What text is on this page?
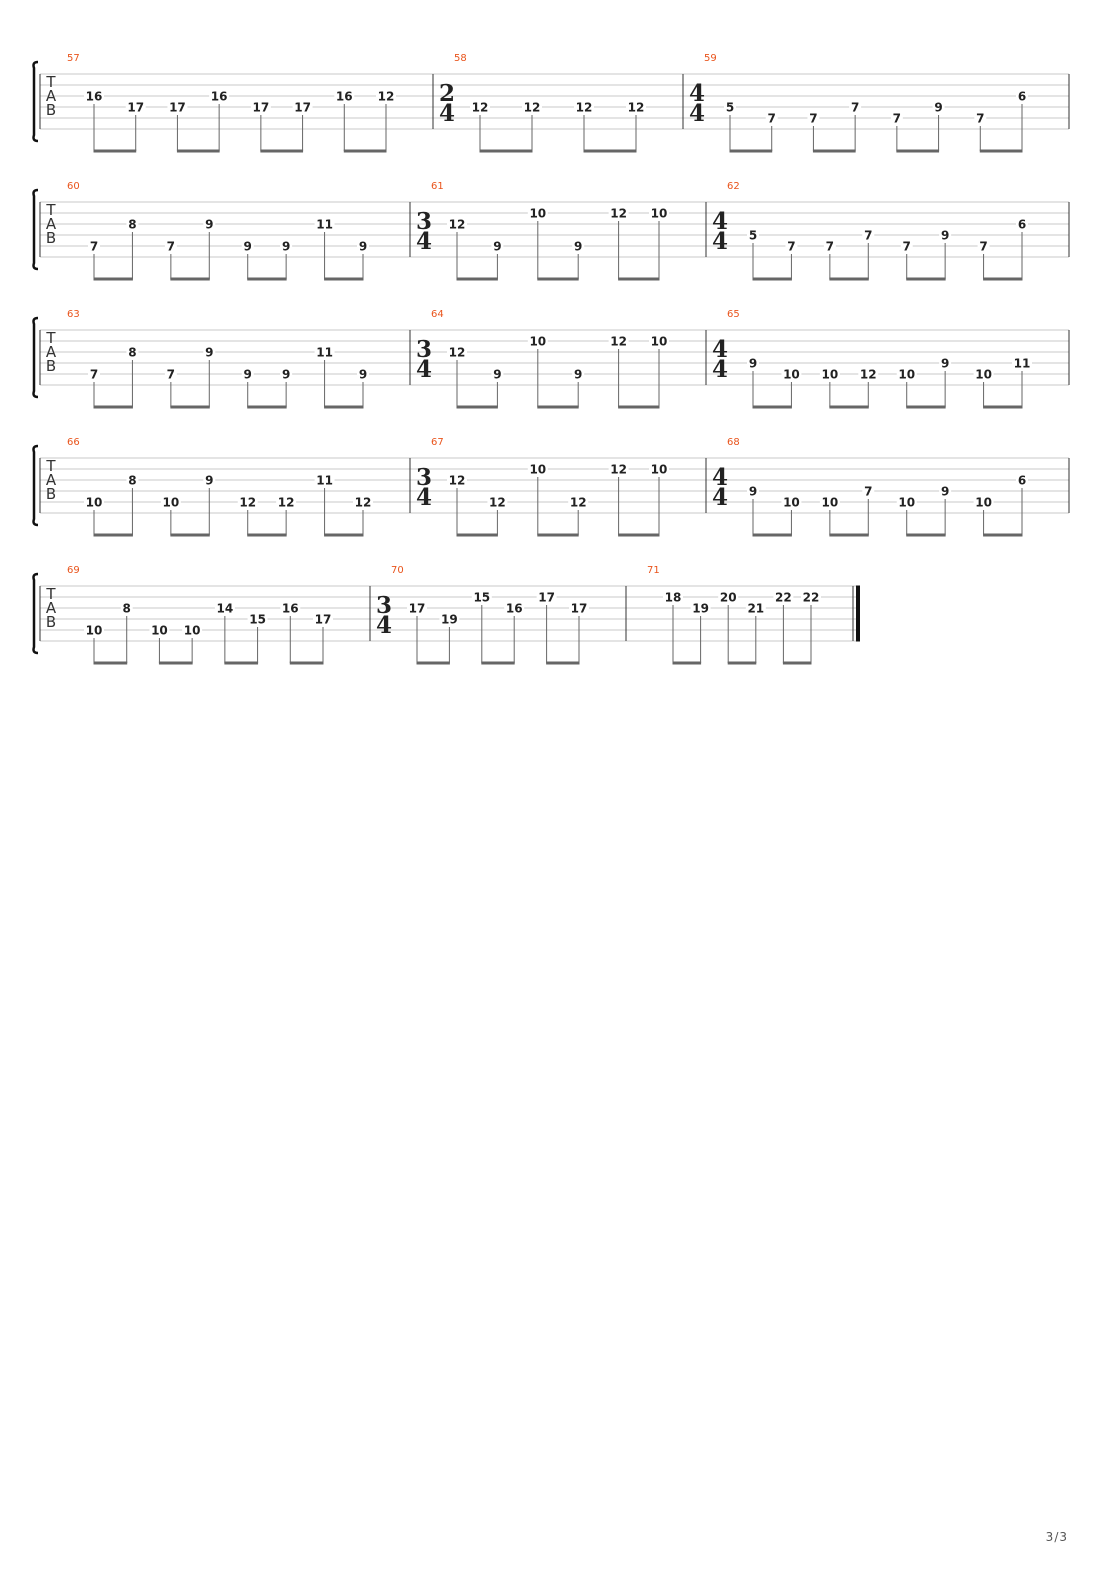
T
A
B
57
16
17 17
16
17 17
16 12
58
2
4 12	12	12	12
59
4
4 5
7	7
7
7
9
7
6
T
A
B
60
7
8
7
9
9	9
11
9
61
3
4
12
9
10
9
12 10
62
4
4 5
7	7
7
7
9
7
6
T
A
B
63
7
8
7
9
9	9
11
9
64
3
4
12
9
10
9
12 10
65
4
4 9
10 10 12 10
9
10
11
T
A
B
66
10
8
10
9
12 12
11
12
67
3
4
12
12
10
12
12 10
68
4
4 9
10 10
7
10
9
10
6
T
A
B
69
10
8
10 10
14
15
16
17
70
3
4
17
19
15
16
17
17
71
18
19
20
21
22 22
3/3
